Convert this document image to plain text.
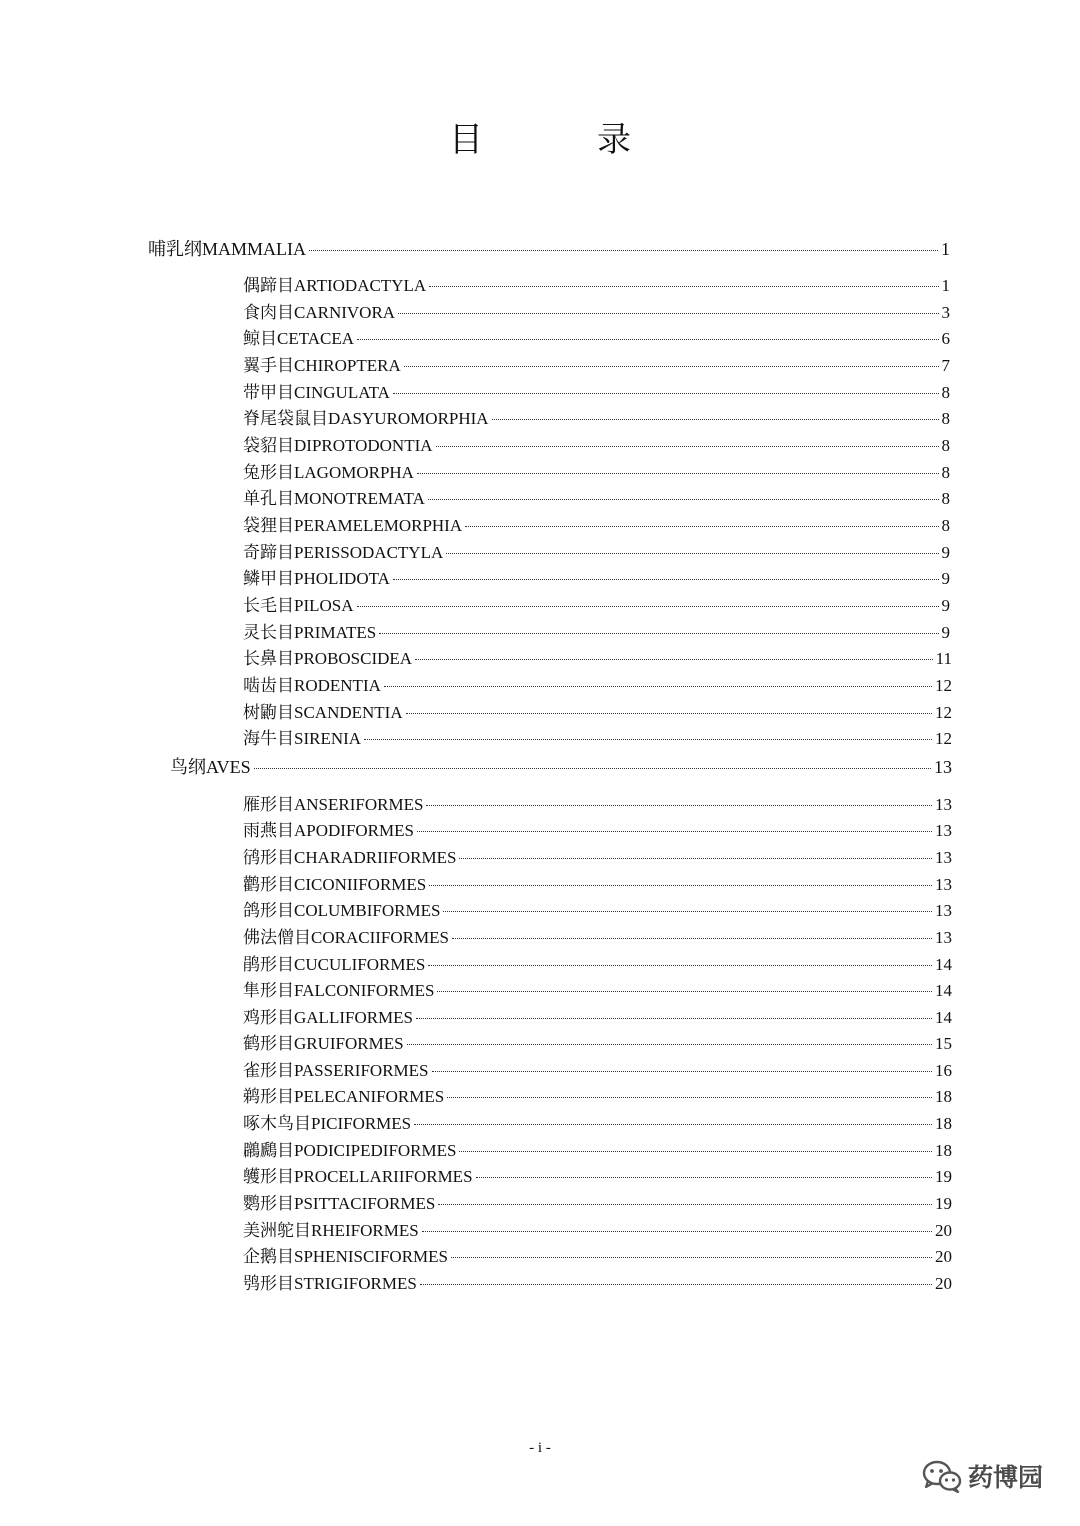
目　录
哺乳纲MAMMALIA	1
偶蹄目ARTIODACTYLA	1
食肉目CARNIVORA	3
鲸目CETACEA	6
翼手目CHIROPTERA	7
带甲目CINGULATA	8
脊尾袋鼠目DASYUROMORPHIA	8
袋貂目DIPROTODONTIA	8
兔形目LAGOMORPHA	8
单孔目MONOTREMATA	8
袋狸目PERAMELEMORPHIA	8
奇蹄目PERISSODACTYLA	9
鳞甲目PHOLIDOTA	9
长毛目PILOSA	9
灵长目PRIMATES	9
长鼻目PROBOSCIDEA	11
啮齿目RODENTIA	12
树鼩目SCANDENTIA	12
海牛目SIRENIA	12
鸟纲AVES	13
雁形目ANSERIFORMES	13
雨燕目APODIFORMES	13
鸻形目CHARADRIIFORMES	13
鹳形目CICONIIFORMES	13
鸽形目COLUMBIFORMES	13
佛法僧目CORACIIFORMES	13
鹃形目CUCULIFORMES	14
隼形目FALCONIFORMES	14
鸡形目GALLIFORMES	14
鹤形目GRUIFORMES	15
雀形目PASSERIFORMES	16
鹈形目PELECANIFORMES	18
啄木鸟目PICIFORMES	18
鸊鷉目PODICIPEDIFORMES	18
鹱形目PROCELLARIIFORMES	19
鹦形目PSITTACIFORMES	19
美洲鸵目RHEIFORMES	20
企鹅目SPHENISCIFORMES	20
鸮形目STRIGIFORMES	20
- i -
药博园
